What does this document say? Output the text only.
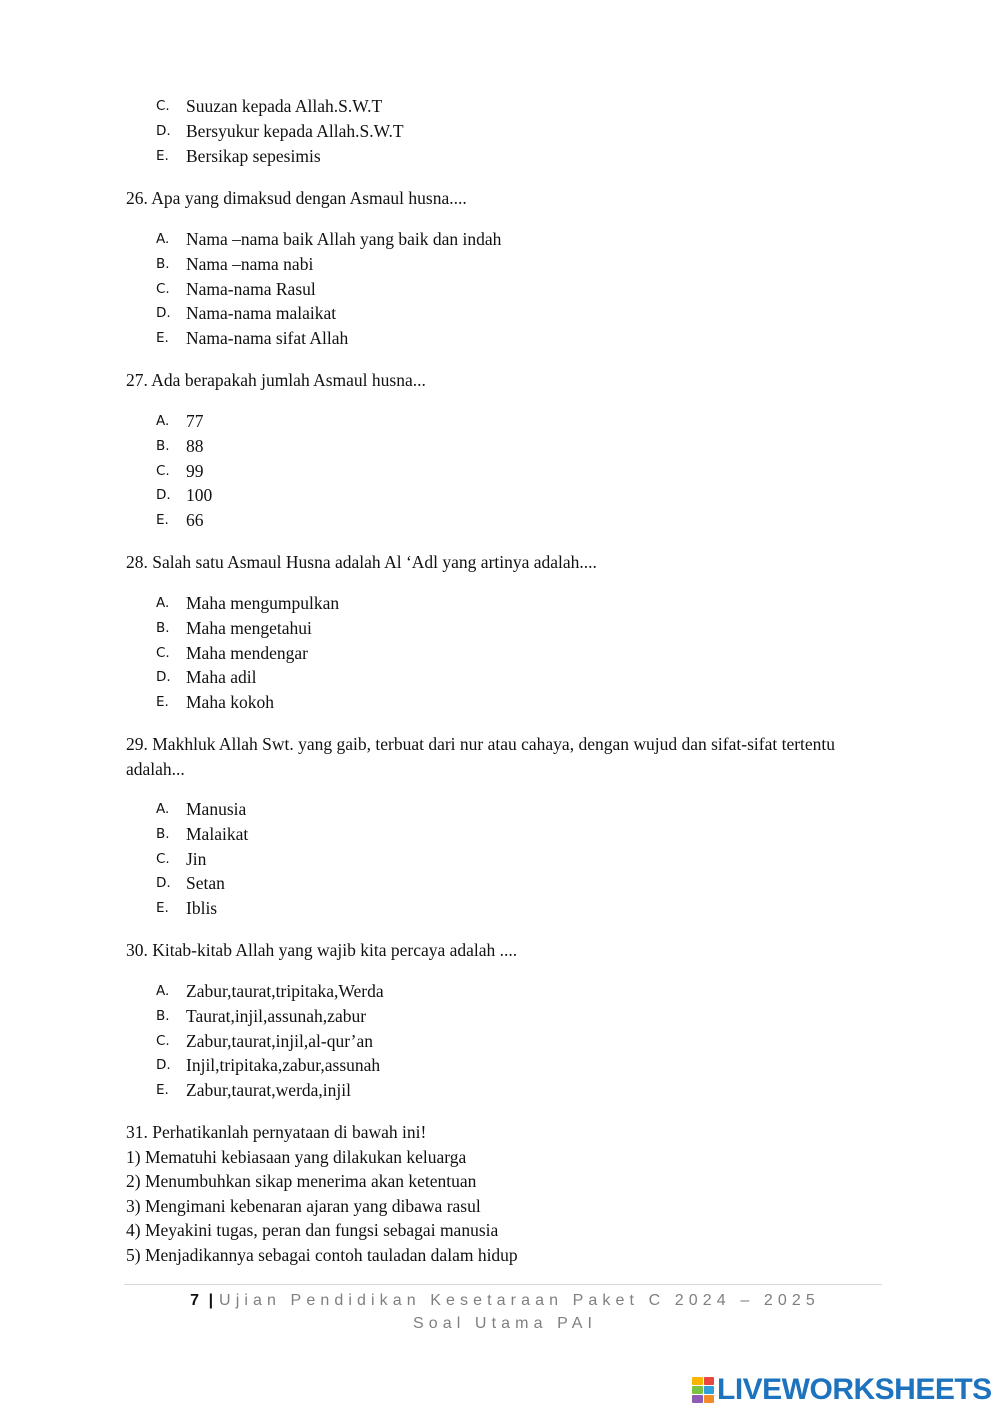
C. Suuzan kepada Allah.S.W.T
D. Bersyukur kepada Allah.S.W.T
E. Bersikap sepesimis

26. Apa yang dimaksud dengan Asmaul husna....

A. Nama –nama baik Allah yang baik dan indah
B. Nama –nama nabi
C. Nama-nama Rasul
D. Nama-nama malaikat
E. Nama-nama sifat Allah

27. Ada berapakah jumlah Asmaul husna...

A. 77
B. 88
C. 99
D. 100
E. 66

28. Salah satu Asmaul Husna adalah Al ‘Adl yang artinya adalah....

A. Maha mengumpulkan
B. Maha mengetahui
C. Maha mendengar
D. Maha adil
E. Maha kokoh

29. Makhluk Allah Swt. yang gaib, terbuat dari nur atau cahaya, dengan wujud dan sifat-sifat tertentu adalah...

A. Manusia
B. Malaikat
C. Jin
D. Setan
E. Iblis

30. Kitab-kitab Allah yang wajib kita percaya adalah ....

A. Zabur,taurat,tripitaka,Werda
B. Taurat,injil,assunah,zabur
C. Zabur,taurat,injil,al-qur’an
D. Injil,tripitaka,zabur,assunah
E. Zabur,taurat,werda,injil

31. Perhatikanlah pernyataan di bawah ini!

1) Mematuhi kebiasaan yang dilakukan keluarga
2) Menumbuhkan sikap menerima akan ketentuan
3) Mengimani kebenaran ajaran yang dibawa rasul
4) Meyakini tugas, peran dan fungsi sebagai manusia
5) Menjadikannya sebagai contoh tauladan dalam hidup
7 | Ujian Pendidikan Kesetaraan Paket C 2024 – 2025
Soal Utama PAI
LIVEWORKSHEETS
